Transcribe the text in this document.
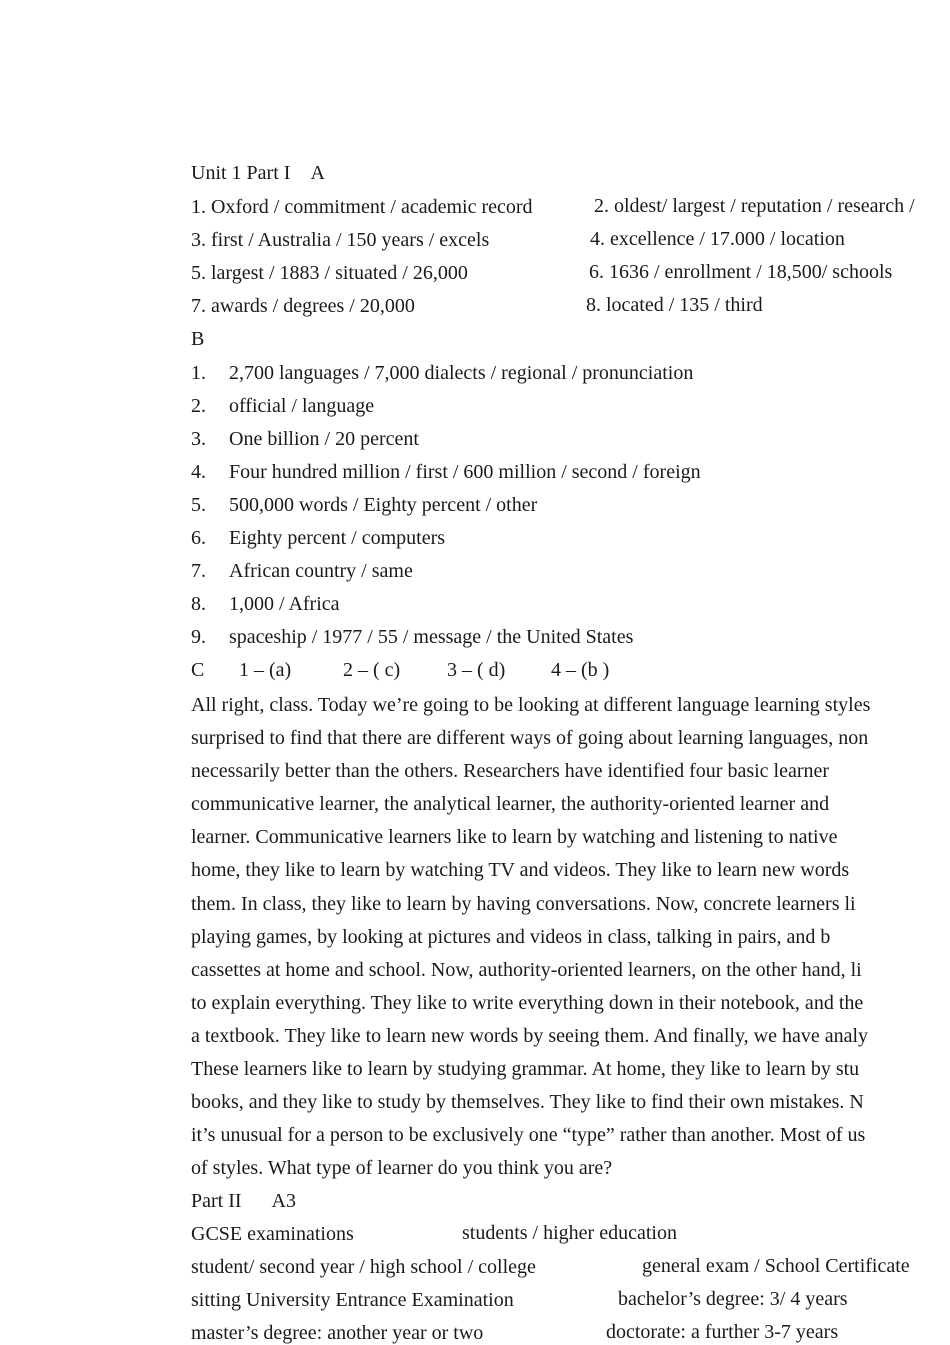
Unit 1 Part I A
1. Oxford / commitment / academic record	2. oldest/ largest / reputation / research /
3. first / Australia / 150 years / excels	4. excellence / 17.000 / location
5. largest / 1883 / situated / 26,000	6. 1636 / enrollment / 18,500/ schools
7. awards / degrees / 20,000	8. located / 135 / third
B
1. 2,700 languages / 7,000 dialects / regional / pronunciation
2. official / language
3. One billion / 20 percent
4. Four hundred million / first / 600 million / second / foreign
5. 500,000 words / Eighty percent / other
6. Eighty percent / computers
7. African country / same
8. 1,000 / Africa
9. spaceship / 1977 / 55 / message / the United States
C 1 – (a)	2 – ( c) 3 – ( d) 4 – (b )
All right, class. Today we’re going to be looking at different language learning styles
surprised to find that there are different ways of going about learning languages, non
necessarily better than the others. Researchers have identified four basic learner
communicative learner, the analytical learner, the authority-oriented learner and
learner. Communicative learners like to learn by watching and listening to native
home, they like to learn by watching TV and videos. They like to learn new words
them. In class, they like to learn by having conversations. Now, concrete learners li
playing games, by looking at pictures and videos in class, talking in pairs, and b
cassettes at home and school. Now, authority-oriented learners, on the other hand, li
to explain everything. They like to write everything down in their notebook, and the
a textbook. They like to learn new words by seeing them. And finally, we have analy
These learners like to learn by studying grammar. At home, they like to learn by stu
books, and they like to study by themselves. They like to find their own mistakes. N
it’s unusual for a person to be exclusively one “type” rather than another. Most of us
of styles. What type of learner do you think you are?
Part II A3
GCSE examinations	students / higher education
student/ second year / high school / college	general exam / School Certificate
sitting University Entrance Examination	bachelor’s degree: 3/ 4 years
master’s degree: another year or two	doctorate: a further 3-7 years
